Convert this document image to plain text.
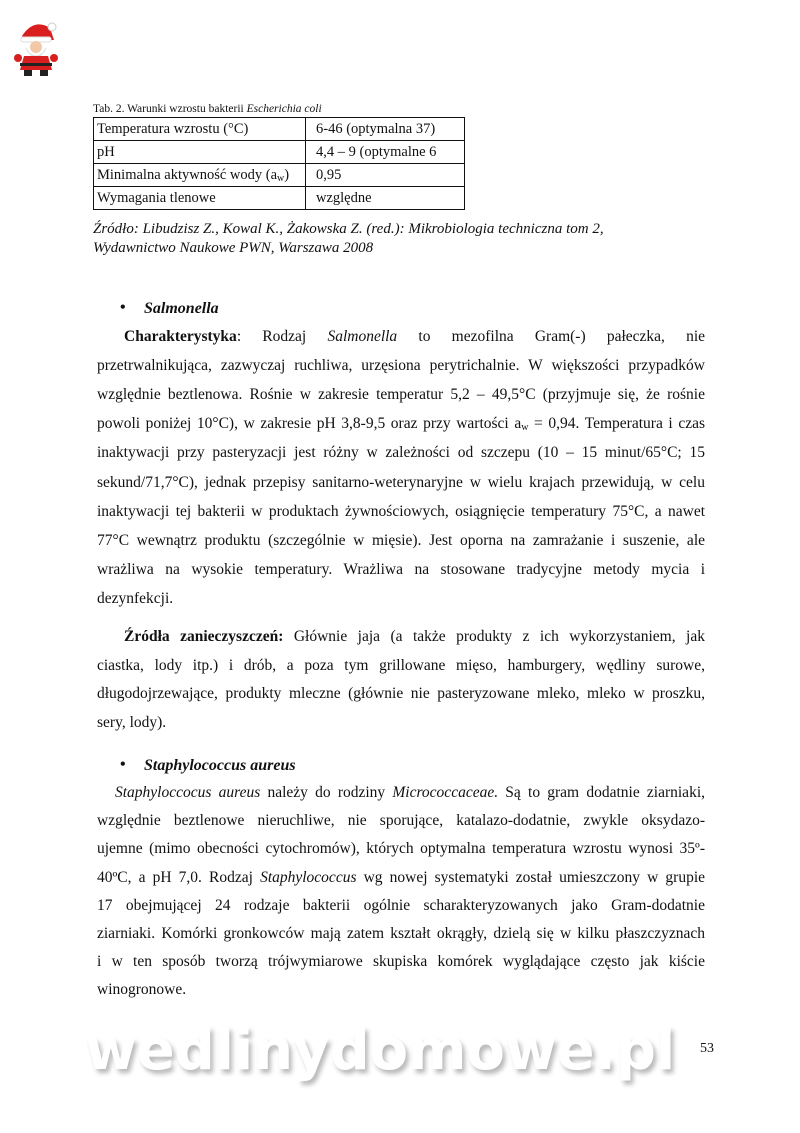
Tab. 2. Warunki wzrostu bakterii Escherichia coli
Temperatura wzrostu (°C)	6-46 (optymalna 37)
pH	4,4 – 9 (optymalne 6
Minimalna aktywność wody $(a_w)$	0,95
Wymagania tlenowe	względne
Źródło: Libudzisz Z., Kowal K., Żakowska Z. (red.): Mikrobiologia techniczna tom 2,
Wydawnictwo Naukowe PWN, Warszawa 2008
• Salmonella
• Staphylococcus aureus
Charakterystyka: Rodzaj Salmonella to mezofilna Gram(-) pałeczka, nie
przetrwalnikująca, zazwyczaj ruchliwa, urzęsiona perytrichalnie. W większości przypadków
względnie beztlenowa. Rośnie w zakresie temperatur 5,2 – 49,5°C (przyjmuje się, że rośnie
powoli poniżej 10°C), w zakresie pH 3,8-9,5 oraz przy wartości $a_w = 0,94$. Temperatura i czas
inaktywacji przy pasteryzacji jest różny w zależności od szczepu (10 – 15 minut/65°C; 15
sekund/71,7°C), jednak przepisy sanitarno-weterynaryjne w wielu krajach przewidują, w celu
inaktywacji tej bakterii w produktach żywnościowych, osiągnięcie temperatury 75°C, a nawet
77°C wewnątrz produktu (szczególnie w mięsie). Jest oporna na zamrażanie i suszenie, ale
wrażliwa na wysokie temperatury. Wrażliwa na stosowane tradycyjne metody mycia i
dezynfekcji.
Źródła zanieczyszczeń: Głównie jaja (a także produkty z ich wykorzystaniem, jak
ciastka, lody itp.) i drób, a poza tym grillowane mięso, hamburgery, wędliny surowe,
długodojrzewające, produkty mleczne (głównie nie pasteryzowane mleko, mleko w proszku,
sery, lody).
Staphyloccocus aureus należy do rodziny Micrococcaceae. Są to gram dodatnie ziarniaki,
względnie beztlenowe nieruchliwe, nie sporujące, katalazo-dodatnie, zwykle oksydazo-
ujemne (mimo obecności cytochromów), których optymalna temperatura wzrostu wynosi 35º-
40ºC, a pH 7,0. Rodzaj Staphylococcus wg nowej systematyki został umieszczony w grupie
17 obejmującej 24 rodzaje bakterii ogólnie scharakteryzowanych jako Gram-dodatnie
ziarniaki. Komórki gronkowców mają zatem kształt okrągły, dzielą się w kilku płaszczyznach
i w ten sposób tworzą trójwymiarowe skupiska komórek wyglądające często jak kiście
winogronowe.
wedlinydomowe.pl 53
